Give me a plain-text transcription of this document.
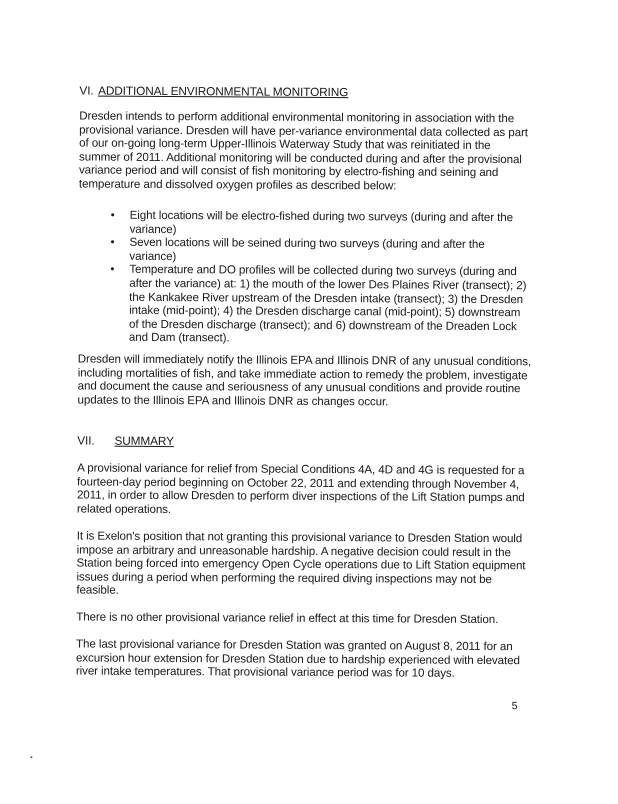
VI. ADDITIONAL ENVIRONMENTAL MONITORING
Dresden intends to perform additional environmental monitoring in association with the provisional variance. Dresden will have per-variance environmental data collected as part of our on-going long-term Upper-Illinois Waterway Study that was reinitiated in the summer of 2011. Additional monitoring will be conducted during and after the provisional variance period and will consist of fish monitoring by electro-fishing and seining and temperature and dissolved oxygen profiles as described below:
• Eight locations will be electro-fished during two surveys (during and after the variance)
• Seven locations will be seined during two surveys (during and after the variance)
• Temperature and DO profiles will be collected during two surveys (during and after the variance) at: 1) the mouth of the lower Des Plaines River (transect); 2) the Kankakee River upstream of the Dresden intake (transect); 3) the Dresden intake (mid-point); 4) the Dresden discharge canal (mid-point); 5) downstream of the Dresden discharge (transect); and 6) downstream of the Dreaden Lock and Dam (transect).
Dresden will immediately notify the Illinois EPA and Illinois DNR of any unusual conditions, including mortalities of fish, and take immediate action to remedy the problem, investigate and document the cause and seriousness of any unusual conditions and provide routine updates to the Illinois EPA and Illinois DNR as changes occur.
VII. SUMMARY
A provisional variance for relief from Special Conditions 4A, 4D and 4G is requested for a fourteen-day period beginning on October 22, 2011 and extending through November 4, 2011, in order to allow Dresden to perform diver inspections of the Lift Station pumps and related operations.
It is Exelon's position that not granting this provisional variance to Dresden Station would impose an arbitrary and unreasonable hardship. A negative decision could result in the Station being forced into emergency Open Cycle operations due to Lift Station equipment issues during a period when performing the required diving inspections may not be feasible.
There is no other provisional variance relief in effect at this time for Dresden Station.
The last provisional variance for Dresden Station was granted on August 8, 2011 for an excursion hour extension for Dresden Station due to hardship experienced with elevated river intake temperatures. That provisional variance period was for 10 days.
5
